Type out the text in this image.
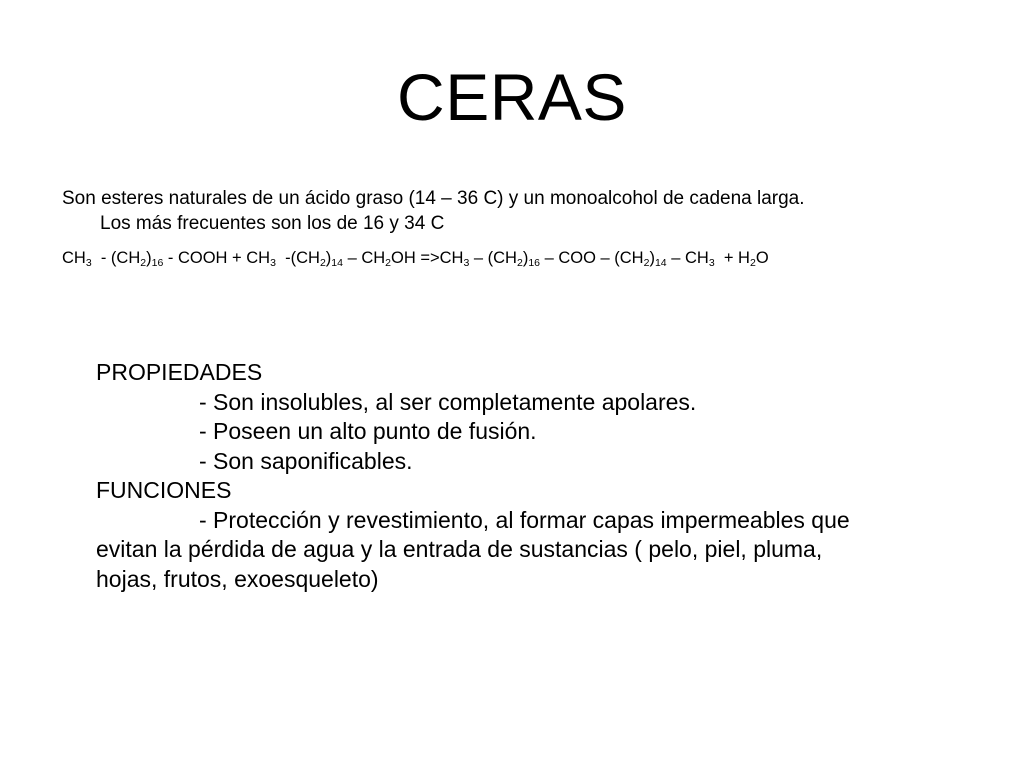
CERAS
Son esteres naturales de un ácido graso (14 – 36 C) y un monoalcohol de cadena larga.
Los más frecuentes son los de 16 y 34 C
$CH_3 - (CH_2)_{16}$ - COOH + $CH_3$  $-(CH_2)_{14} - CH_2OH =>CH_3 - (CH_2)_{16}$ – COO – $(CH_2)_{14} - CH_3 + H_2O$
PROPIEDADES
- Son insolubles, al ser completamente apolares.
- Poseen un alto punto de fusión.
- Son saponificables.
FUNCIONES
- Protección y revestimiento, al formar capas impermeables que
evitan la pérdida de agua y la entrada de sustancias ( pelo, piel, pluma,
hojas, frutos, exoesqueleto)
